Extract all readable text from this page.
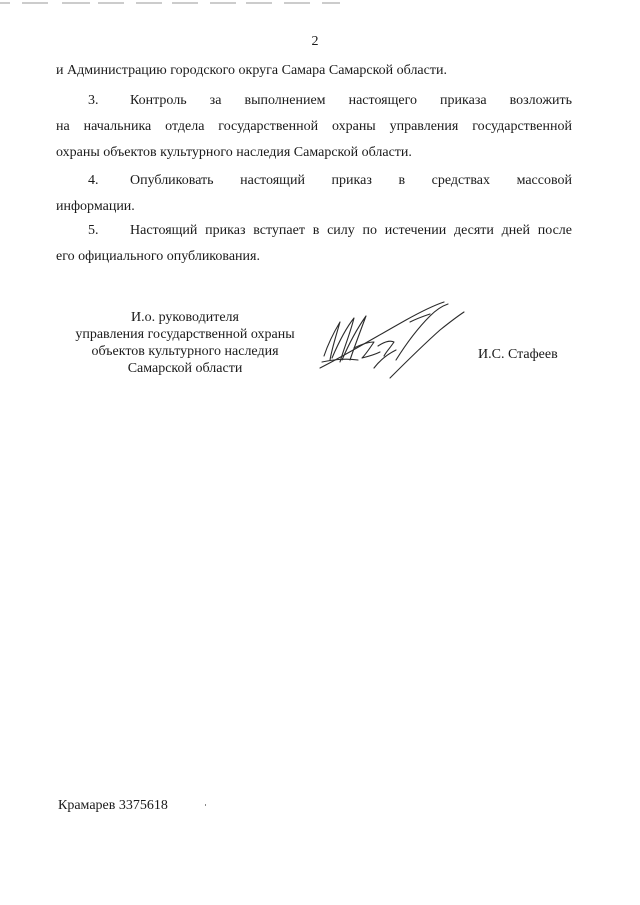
2
и Администрацию городского округа Самара Самарской области.
3. Контроль за выполнением настоящего приказа возложить
на начальника отдела государственной охраны управления государственной
охраны объектов культурного наследия Самарской области.
4. Опубликовать настоящий приказ в средствах массовой
информации.
5. Настоящий приказ вступает в силу по истечении десяти дней после
его официального опубликования.
И.о. руководителя
управления государственной охраны
объектов культурного наследия
Самарской области
И.С. Стафеев
Крамарев 3375618
